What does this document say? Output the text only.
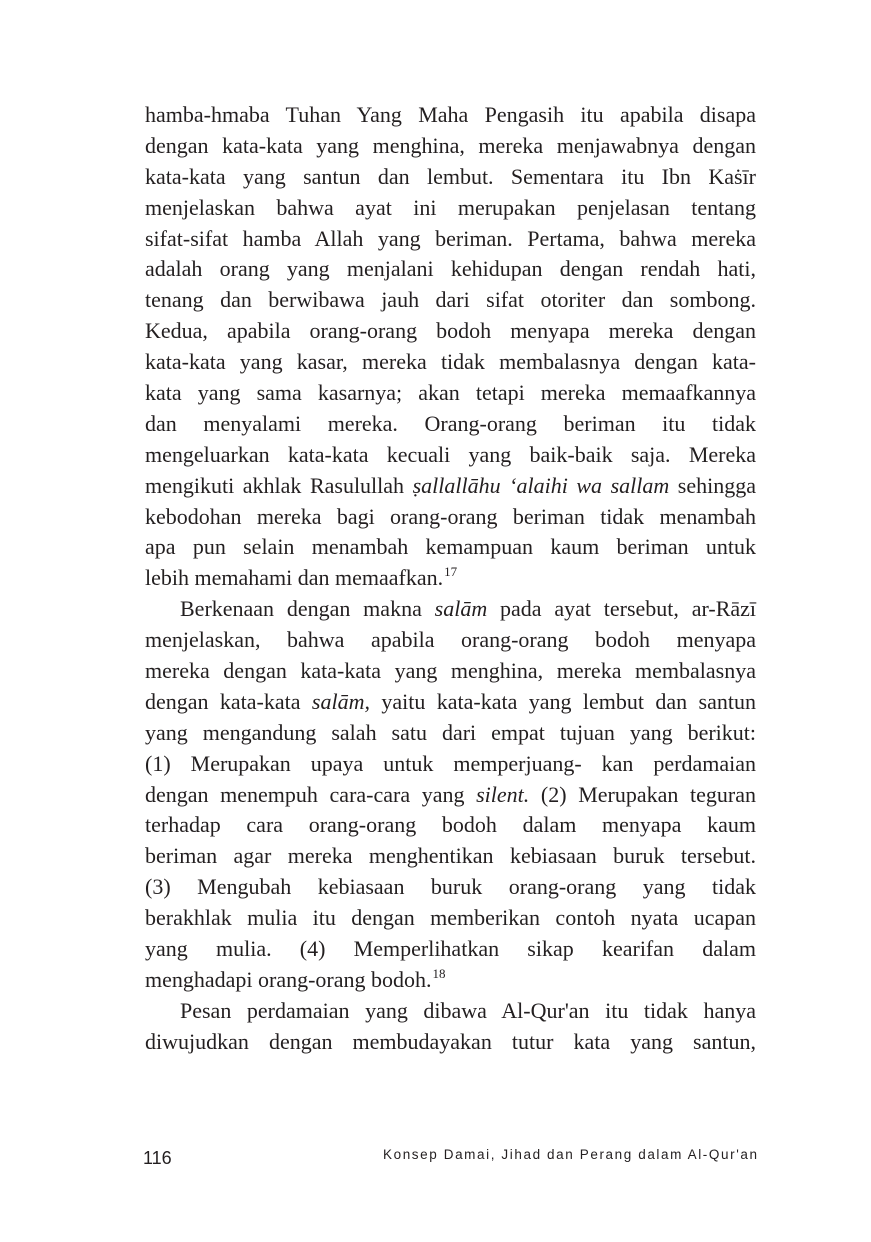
hamba-hmaba Tuhan Yang Maha Pengasih itu apabila disapa
dengan kata-kata yang menghina, mereka menjawabnya dengan
kata-kata yang santun dan lembut. Sementara itu Ibn Kaṡīr
menjelaskan bahwa ayat ini merupakan penjelasan tentang
sifat-sifat hamba Allah yang beriman. Pertama, bahwa mereka
adalah orang yang menjalani kehidupan dengan rendah hati,
tenang dan berwibawa jauh dari sifat otoriter dan sombong.
Kedua, apabila orang-orang bodoh menyapa mereka dengan
kata-kata yang kasar, mereka tidak membalasnya dengan kata-
kata yang sama kasarnya; akan tetapi mereka memaafkannya
dan menyalami mereka. Orang-orang beriman itu tidak
mengeluarkan kata-kata kecuali yang baik-baik saja. Mereka
mengikuti akhlak Rasulullah ṣallallāhu ‘alaihi wa sallam sehingga
kebodohan mereka bagi orang-orang beriman tidak menambah
apa pun selain menambah kemampuan kaum beriman untuk
lebih memahami dan memaafkan.$^{17}$
Berkenaan dengan makna salām pada ayat tersebut, ar-Rāzī
menjelaskan, bahwa apabila orang-orang bodoh menyapa
mereka dengan kata-kata yang menghina, mereka membalasnya
dengan kata-kata salām, yaitu kata-kata yang lembut dan santun
yang mengandung salah satu dari empat tujuan yang berikut:
(1) Merupakan upaya untuk memperjuang- kan perdamaian
dengan menempuh cara-cara yang silent. (2) Merupakan teguran
terhadap cara orang-orang bodoh dalam menyapa kaum
beriman agar mereka menghentikan kebiasaan buruk tersebut.
(3) Mengubah kebiasaan buruk orang-orang yang tidak
berakhlak mulia itu dengan memberikan contoh nyata ucapan
yang mulia. (4) Memperlihatkan sikap kearifan dalam
menghadapi orang-orang bodoh.$^{18}$
Pesan perdamaian yang dibawa Al-Qur'an itu tidak hanya
diwujudkan dengan membudayakan tutur kata yang santun,
116	Konsep Damai, Jihad dan Perang dalam Al-Qur'an
